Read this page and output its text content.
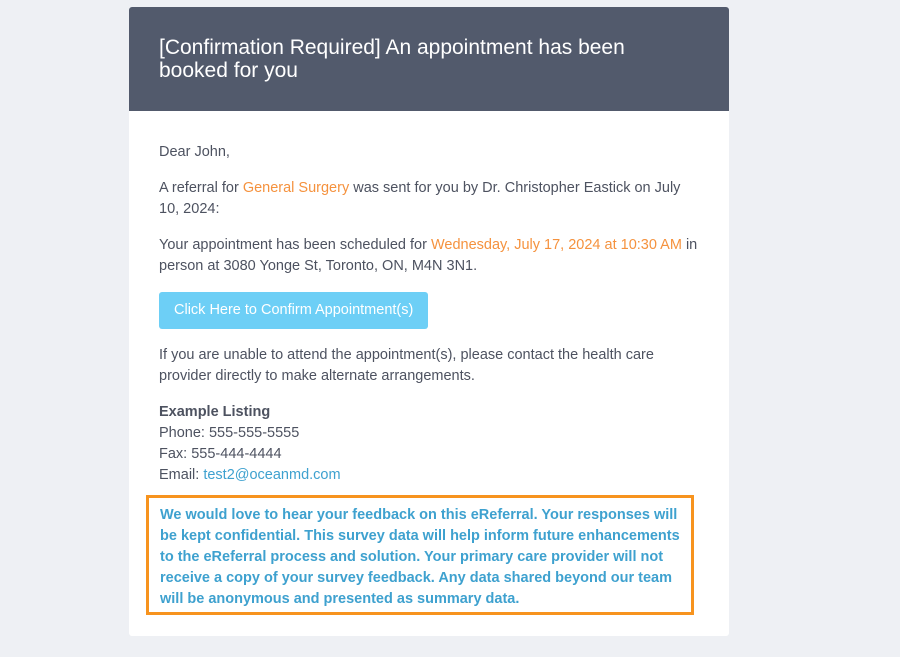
[Confirmation Required] An appointment has been booked for you

Dear John,

A referral for General Surgery was sent for you by Dr. Christopher Eastick on July 10, 2024:

Your appointment has been scheduled for Wednesday, July 17, 2024 at 10:30 AM in person at 3080 Yonge St, Toronto, ON, M4N 3N1.

Click Here to Confirm Appointment(s)

If you are unable to attend the appointment(s), please contact the health care provider directly to make alternate arrangements.

Example Listing
Phone: 555-555-5555
Fax: 555-444-4444
Email: test2@oceanmd.com
We would love to hear your feedback on this eReferral. Your responses will be kept confidential. This survey data will help inform future enhancements to the eReferral process and solution. Your primary care provider will not receive a copy of your survey feedback. Any data shared beyond our team will be anonymous and presented as summary data.
